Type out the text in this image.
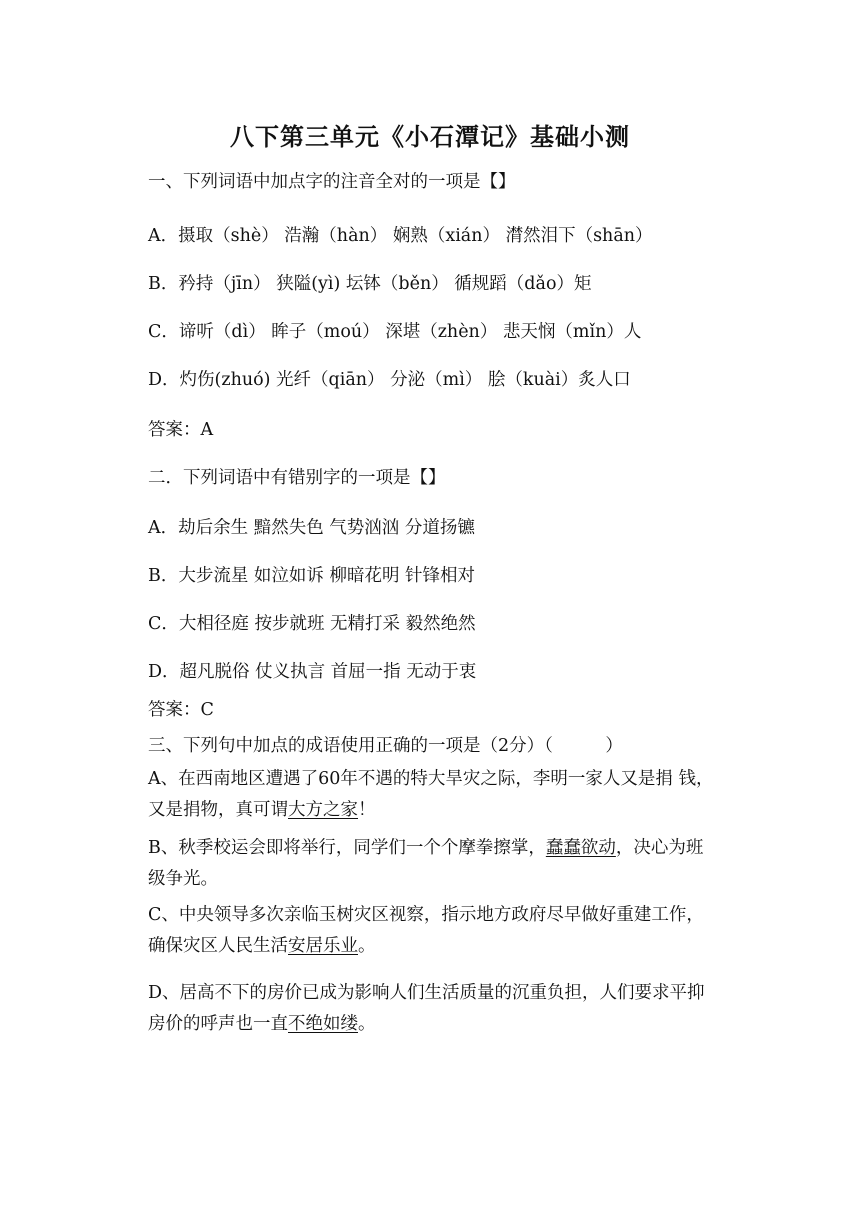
八下第三单元《小石潭记》基础小测
一、下列词语中加点字的注音全对的一项是【】
A．摄取（shè） 浩瀚（hàn） 娴熟（xián） 潸然泪下（shān）
B．矜持（jīn） 狭隘(yì) 坛钵（běn） 循规蹈（dǎo）矩
C．谛听（dì） 眸子（moú） 深堪（zhèn） 悲天悯（mǐn）人
D．灼伤(zhuó) 光纤（qiān） 分泌（mì） 脍（kuài）炙人口
答案：A
二．下列词语中有错别字的一项是【】
A．劫后余生 黯然失色 气势汹汹 分道扬镳
B．大步流星 如泣如诉 柳暗花明 针锋相对
C．大相径庭 按步就班 无精打采 毅然绝然
D．超凡脱俗 仗义执言 首屈一指 无动于衷
答案：C
三、下列句中加点的成语使用正确的一项是（2分）（　　　）
A、在西南地区遭遇了60年不遇的特大旱灾之际，李明一家人又是捐 钱，又是捐物，真可谓大方之家！
B、秋季校运会即将举行，同学们一个个摩拳擦掌，蠢蠢欲动，决心为班级争光。
C、中央领导多次亲临玉树灾区视察，指示地方政府尽早做好重建工作，确保灾区人民生活安居乐业。
D、居高不下的房价已成为影响人们生活质量的沉重负担，人们要求平抑房价的呼声也一直不绝如缕。
